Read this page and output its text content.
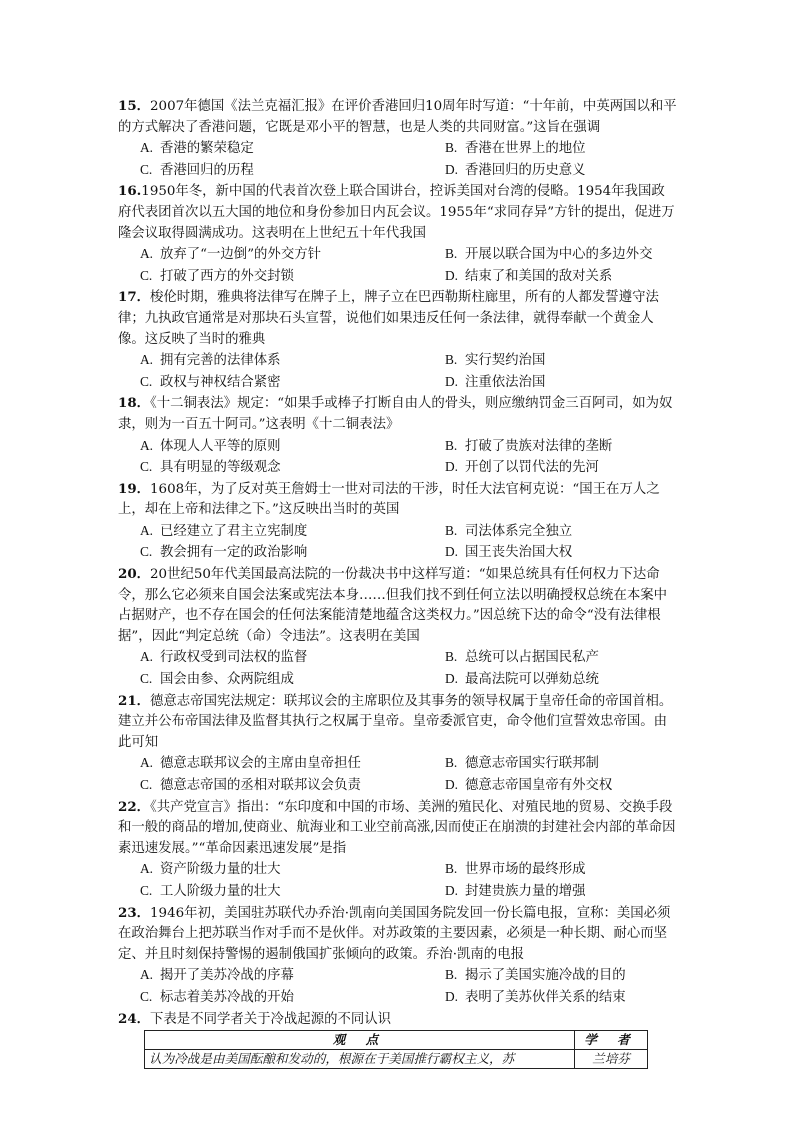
15．2007年德国《法兰克福汇报》在评价香港回归10周年时写道：“十年前，中英两国以和平的方式解决了香港问题，它既是邓小平的智慧，也是人类的共同财富。”这旨在强调
A. 香港的繁荣稳定	B. 香港在世界上的地位
C. 香港回归的历程	D. 香港回归的历史意义
16.1950年冬，新中国的代表首次登上联合国讲台，控诉美国对台湾的侵略。1954年我国政府代表团首次以五大国的地位和身份参加日内瓦会议。1955年“求同存异”方针的提出，促进万隆会议取得圆满成功。这表明在上世纪五十年代我国
A. 放弃了“一边倒”的外交方针	B. 开展以联合国为中心的多边外交
C. 打破了西方的外交封锁	D. 结束了和美国的敌对关系
17．梭伦时期，雅典将法律写在牌子上，牌子立在巴西勒斯柱廊里，所有的人都发誓遵守法律；九执政官通常是对那块石头宣誓，说他们如果违反任何一条法律，就得奉献一个黄金人像。这反映了当时的雅典
A. 拥有完善的法律体系	B. 实行契约治国
C. 政权与神权结合紧密	D. 注重依法治国
18．《十二铜表法》规定：“如果手或棒子打断自由人的骨头，则应缴纳罚金三百阿司，如为奴隶，则为一百五十阿司。”这表明《十二铜表法》
A. 体现人人平等的原则	B. 打破了贵族对法律的垄断
C. 具有明显的等级观念	D. 开创了以罚代法的先河
19．1608年，为了反对英王詹姆士一世对司法的干涉，时任大法官柯克说：“国王在万人之上，却在上帝和法律之下。”这反映出当时的英国
A. 已经建立了君主立宪制度	B. 司法体系完全独立
C. 教会拥有一定的政治影响	D. 国王丧失治国大权
20．20世纪50年代美国最高法院的一份裁决书中这样写道：“如果总统具有任何权力下达命令，那么它必须来自国会法案或宪法本身……但我们找不到任何立法以明确授权总统在本案中占据财产，也不存在国会的任何法案能清楚地蕴含这类权力。”因总统下达的命令“没有法律根据”，因此“判定总统（命）令违法”。这表明在美国
A. 行政权受到司法权的监督	B. 总统可以占据国民私产
C. 国会由参、众两院组成	D. 最高法院可以弹劾总统
21．德意志帝国宪法规定：联邦议会的主席职位及其事务的领导权属于皇帝任命的帝国首相。建立并公布帝国法律及监督其执行之权属于皇帝。皇帝委派官吏，命令他们宣誓效忠帝国。由此可知
A. 德意志联邦议会的主席由皇帝担任	B. 德意志帝国实行联邦制
C. 德意志帝国的丞相对联邦议会负责	D. 德意志帝国皇帝有外交权
22．《共产党宣言》指出：“东印度和中国的市场、美洲的殖民化、对殖民地的贸易、交换手段和一般的商品的增加,使商业、航海业和工业空前高涨,因而使正在崩溃的封建社会内部的革命因素迅速发展。”“革命因素迅速发展”是指
A. 资产阶级力量的壮大	B. 世界市场的最终形成
C. 工人阶级力量的壮大	D. 封建贵族力量的增强
23．1946年初，美国驻苏联代办乔治·凯南向美国国务院发回一份长篇电报，宣称：美国必须在政治舞台上把苏联当作对手而不是伙伴。对苏政策的主要因素，必须是一种长期、耐心而坚定、并且时刻保持警惕的遏制俄国扩张倾向的政策。乔治·凯南的电报
A. 揭开了美苏冷战的序幕	B. 揭示了美国实施冷战的目的
C. 标志着美苏冷战的开始	D. 表明了美苏伙伴关系的结束
24．下表是不同学者关于冷战起源的不同认识
观 点	学 者
认为冷战是由美国酝酿和发动的，根源在于美国推行霸权主义，苏	兰培芬
